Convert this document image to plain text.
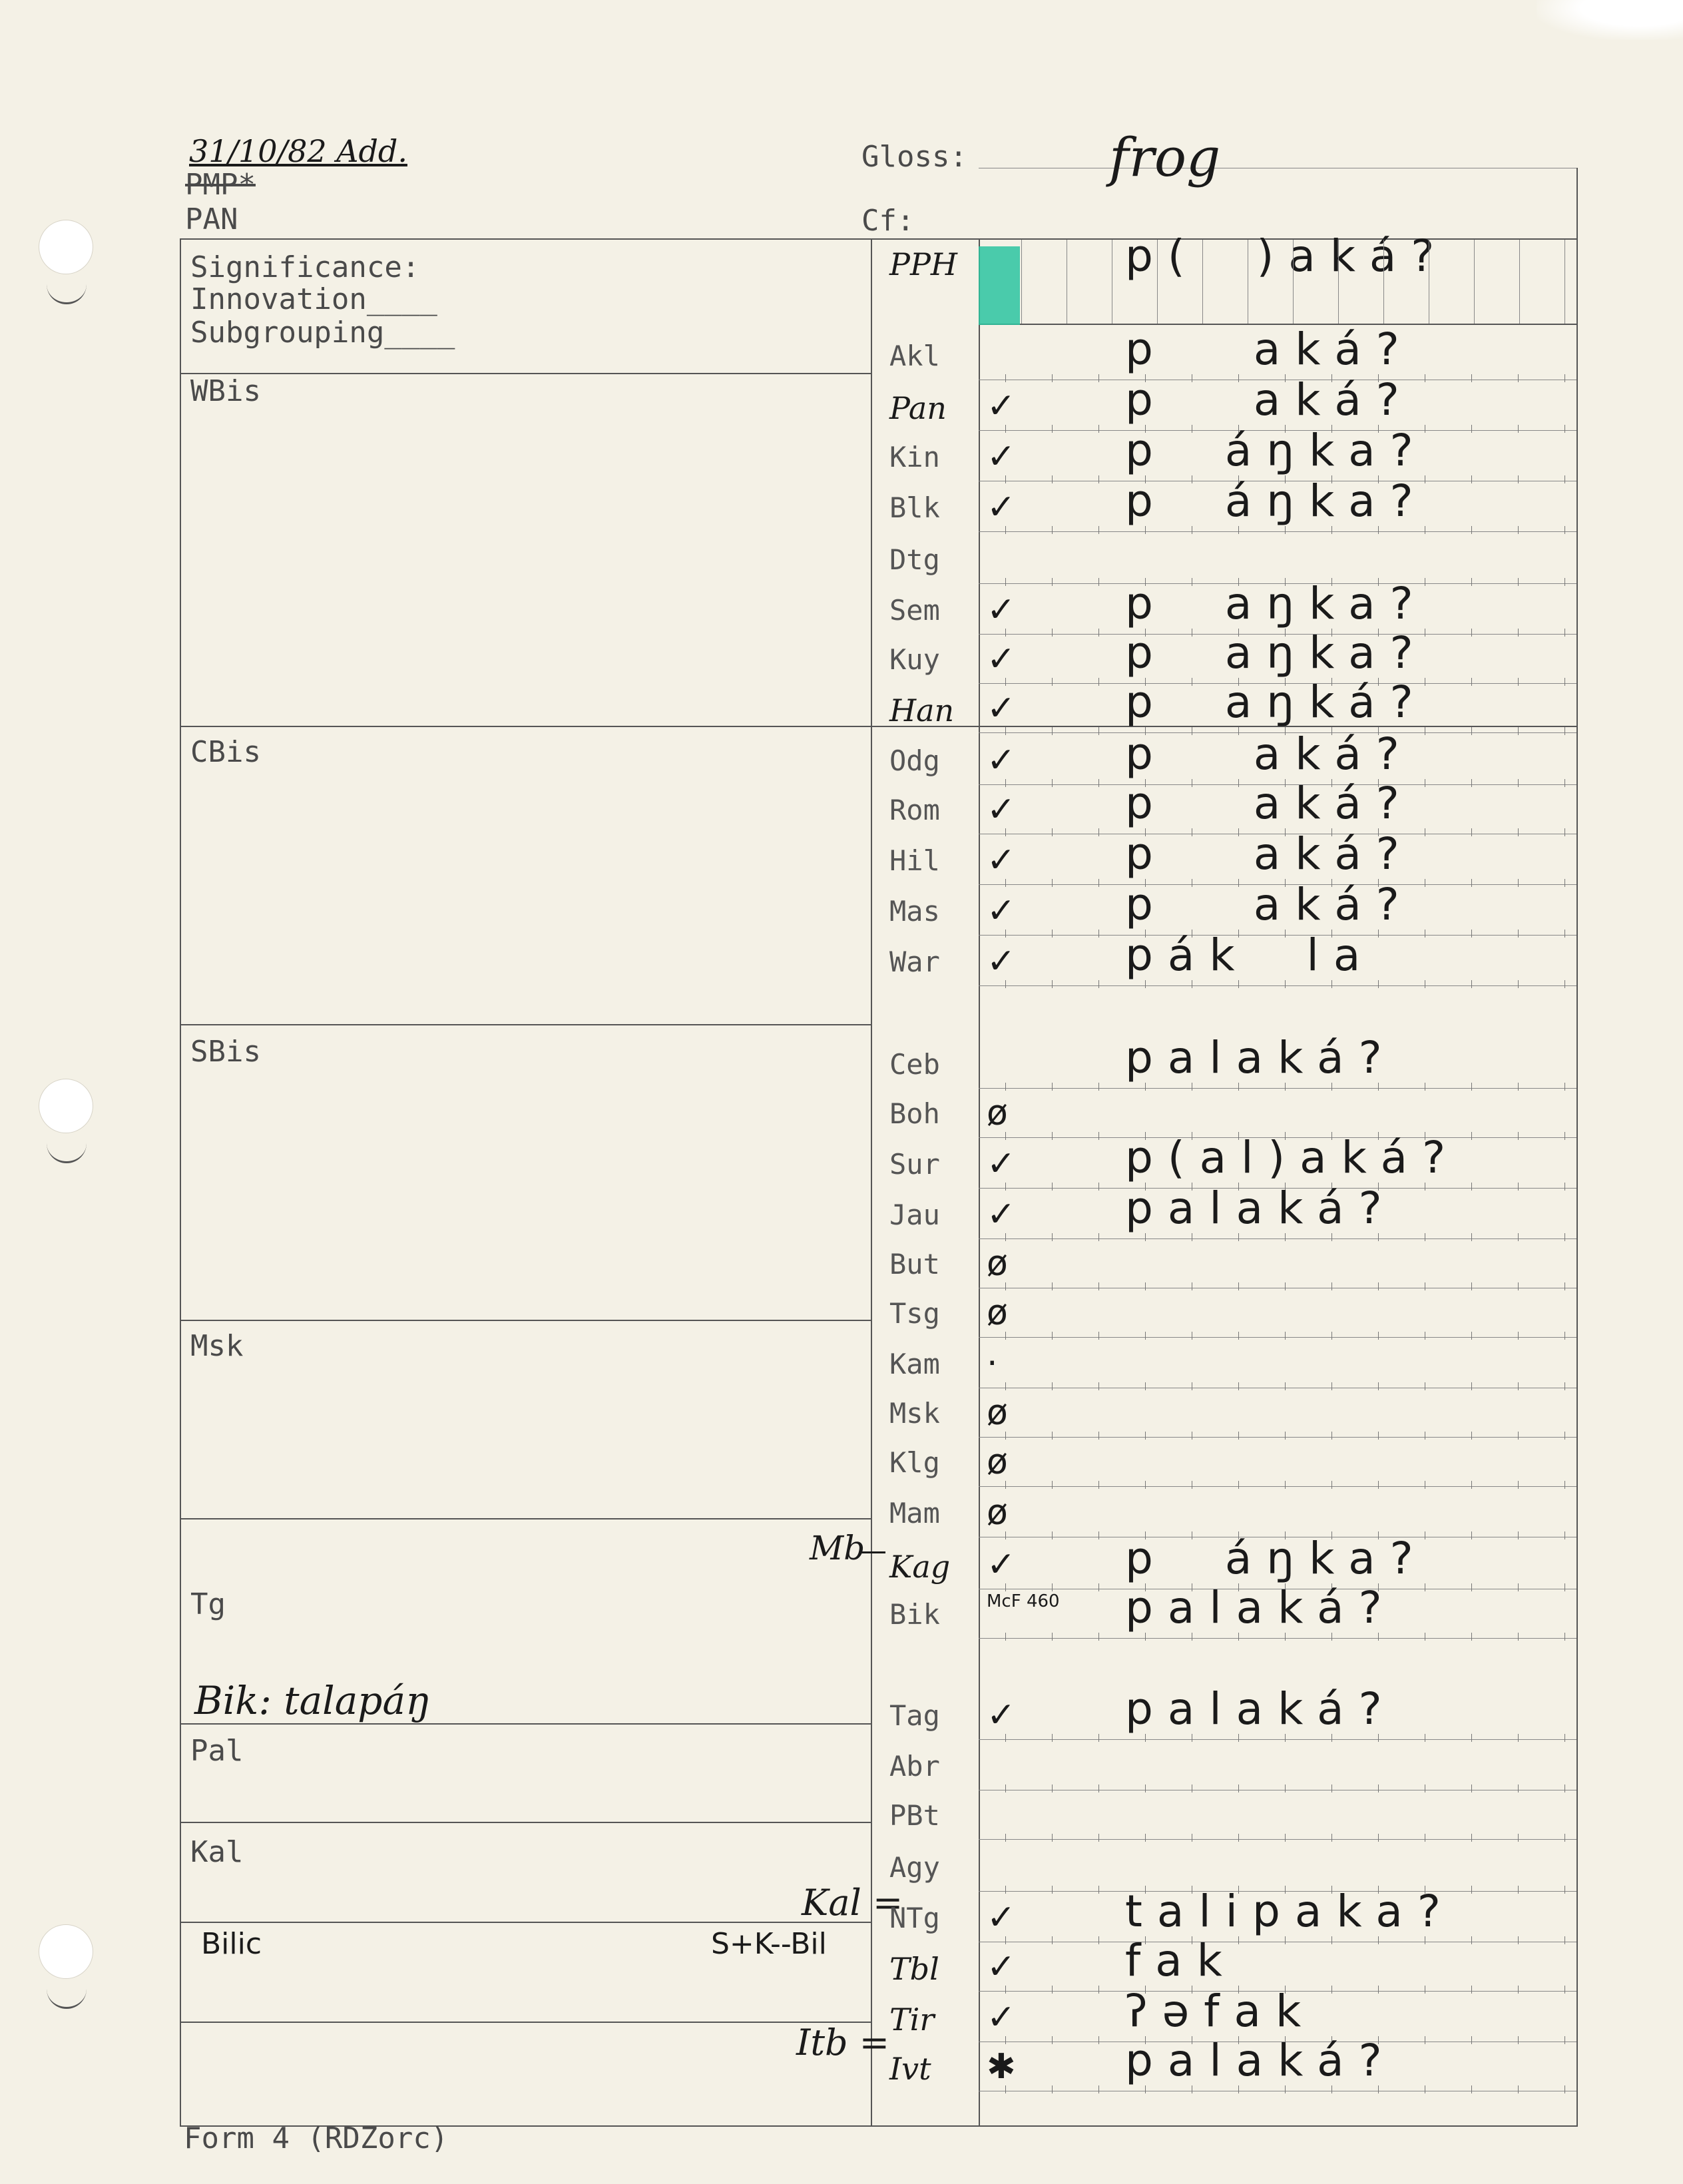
31/10/82 Add.
PMP*
PAN
Gloss:	frog
Cf:
Significance:
Innovation____
Subgrouping____
WBis
CBis
SBis
Msk
Tg
Bik: talapáŋ
Pal
Kal
Bilic
Mb
Kal =
S+K--Bil
Itb =
PPH	p(  )aká?
Akl	p   aká?
Pan ✓ p   aká?
Kin ✓ p  áŋka?
Blk ✓ p  áŋka?
Dtg
Sem ✓ p  aŋka?
Kuy ✓ p  aŋka?
Han ✓ p  aŋká?
Odg ✓ p   aká?
Rom ✓ p   aká?
Hil ✓ p   aká?
Mas ✓ p   aká?
War ✓ pák  la
Ceb	palaká?
Boh ø
Sur ✓ p(al)aká?
Jau ✓ palaká?
But ø
Tsg ø
Kam ·
Msk ø
Klg ø
Mam ø
Kag ✓ p  áŋka?
Bik	McF 460 palaká?
Tag ✓ palaká?
Abr
PBt
Agy
NTg ✓ talipaka?
Tbl ✓ fak
Tir ✓ ʔəfak
Ivt ✱ palaká?
Form 4 (RDZorc)
